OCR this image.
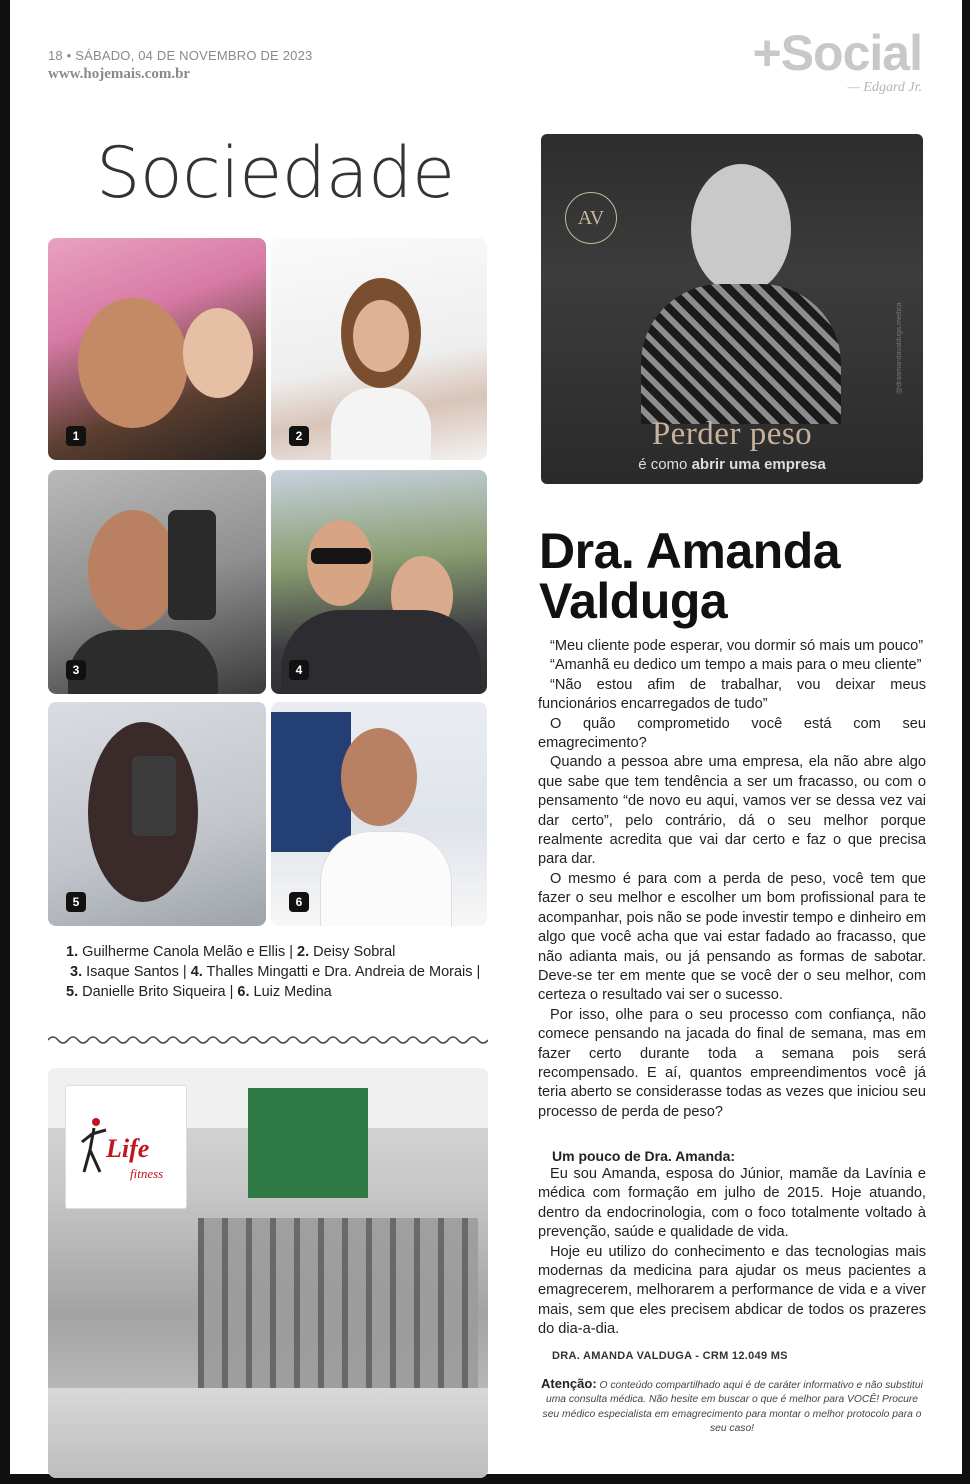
18 • SÁBADO, 04 DE NOVEMBRO DE 2023
www.hojemais.com.br	+Social
— Edgard Jr.
Sociedade
1	2
3	4
5	6
1. Guilherme Canola Melão e Ellis | 2. Deisy Sobral
3. Isaque Santos | 4. Thalles Mingatti e Dra. Andreia de Morais | 5. Danielle Brito Siqueira | 6. Luiz Medina
Life
fitness
AV
@draamandavalduga.medica
Perder peso
é como abrir uma empresa
Dra. Amanda Valduga

“Meu cliente pode esperar, vou dormir só mais um pouco”

“Amanhã eu dedico um tempo a mais para o meu cliente”

“Não estou afim de trabalhar, vou deixar meus funcionários encarregados de tudo”

O quão comprometido você está com seu emagrecimento?

Quando a pessoa abre uma empresa, ela não abre algo que sabe que tem tendência a ser um fracasso, ou com o pensamento “de novo eu aqui, vamos ver se dessa vez vai dar certo”, pelo contrário, dá o seu melhor porque realmente acredita que vai dar certo e faz o que precisa para dar.

O mesmo é para com a perda de peso, você tem que fazer o seu melhor e escolher um bom profissional para te acompanhar, pois não se pode investir tempo e dinheiro em algo que você acha que vai estar fadado ao fracasso, que não adianta mais, ou já pensando as formas de sabotar. Deve-se ter em mente que se você der o seu melhor, com certeza o resultado vai ser o sucesso.

Por isso, olhe para o seu processo com confiança, não comece pensando na jacada do final de semana, mas em fazer certo durante toda a semana pois será recompensado. E aí, quantos empreendimentos você já teria aberto se considerasse todas as vezes que iniciou seu processo de perda de peso?

Um pouco de Dra. Amanda:

Eu sou Amanda, esposa do Júnior, mamãe da Lavínia e médica com formação em julho de 2015. Hoje atuando, dentro da endocrinologia, com o foco totalmente voltado à prevenção, saúde e qualidade de vida.

Hoje eu utilizo do conhecimento e das tecnologias mais modernas da medicina para ajudar os meus pacientes a emagrecerem, melhorarem a performance de vida e a viver mais, sem que eles precisem abdicar de todos os prazeres do dia-a-dia.

DRA. AMANDA VALDUGA - CRM 12.049 MS
Atenção: O conteúdo compartilhado aqui é de caráter informativo e não substitui uma consulta médica. Não hesite em buscar o que é melhor para VOCÊ! Procure seu médico especialista em emagrecimento para montar o melhor protocolo para o seu caso!
